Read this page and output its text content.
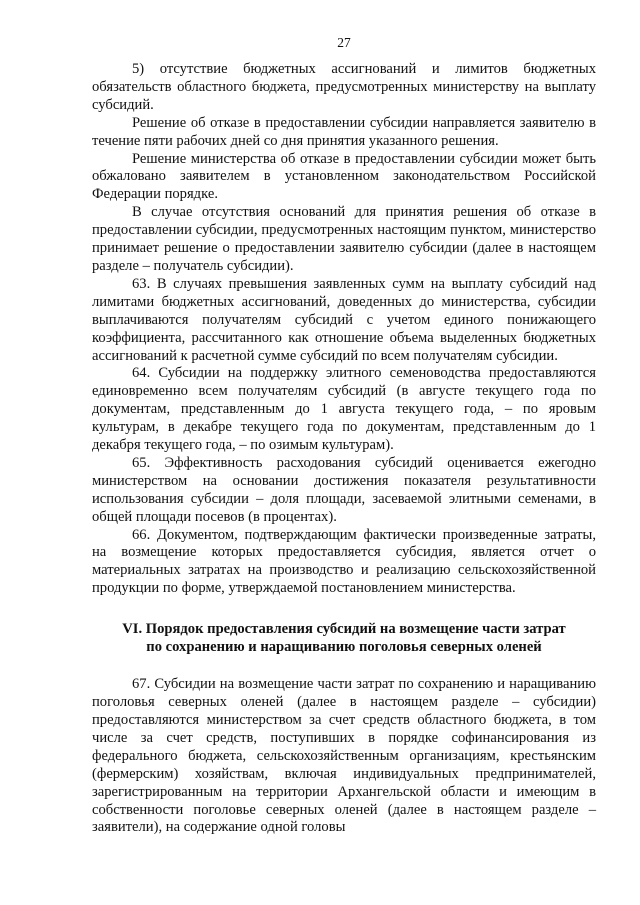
27

5) отсутствие бюджетных ассигнований и лимитов бюджетных обязательств областного бюджета, предусмотренных министерству на выплату субсидий.

Решение об отказе в предоставлении субсидии направляется заявителю в течение пяти рабочих дней со дня принятия указанного решения.

Решение министерства об отказе в предоставлении субсидии может быть обжаловано заявителем в установленном законодательством Российской Федерации порядке.

В случае отсутствия оснований для принятия решения об отказе в предоставлении субсидии, предусмотренных настоящим пунктом, министерство принимает решение о предоставлении заявителю субсидии (далее в настоящем разделе – получатель субсидии).

63. В случаях превышения заявленных сумм на выплату субсидий над лимитами бюджетных ассигнований, доведенных до министерства, субсидии выплачиваются получателям субсидий с учетом единого понижающего коэффициента, рассчитанного как отношение объема выделенных бюджетных ассигнований к расчетной сумме субсидий по всем получателям субсидии.

64. Субсидии на поддержку элитного семеноводства предоставляются единовременно всем получателям субсидий (в августе текущего года по документам, представленным до 1 августа текущего года, – по яровым культурам, в декабре текущего года по документам, представленным до 1 декабря текущего года, – по озимым культурам).

65. Эффективность расходования субсидий оценивается ежегодно министерством на основании достижения показателя результативности использования субсидии – доля площади, засеваемой элитными семенами, в общей площади посевов (в процентах).

66. Документом, подтверждающим фактически произведенные затраты, на возмещение которых предоставляется субсидия, является отчет о материальных затратах на производство и реализацию сельскохозяйственной продукции по форме, утверждаемой постановлением министерства.

VI. Порядок предоставления субсидий на возмещение части затрат
по сохранению и наращиванию поголовья северных оленей

67. Субсидии на возмещение части затрат по сохранению и наращиванию поголовья северных оленей (далее в настоящем разделе – субсидии) предоставляются министерством за счет средств областного бюджета, в том числе за счет средств, поступивших в порядке софинансирования из федерального бюджета, сельскохозяйственным организациям, крестьянским (фермерским) хозяйствам, включая индивидуальных предпринимателей, зарегистрированным на территории Архангельской области и имеющим в собственности поголовье северных оленей (далее в настоящем разделе – заявители), на содержание одной головы
